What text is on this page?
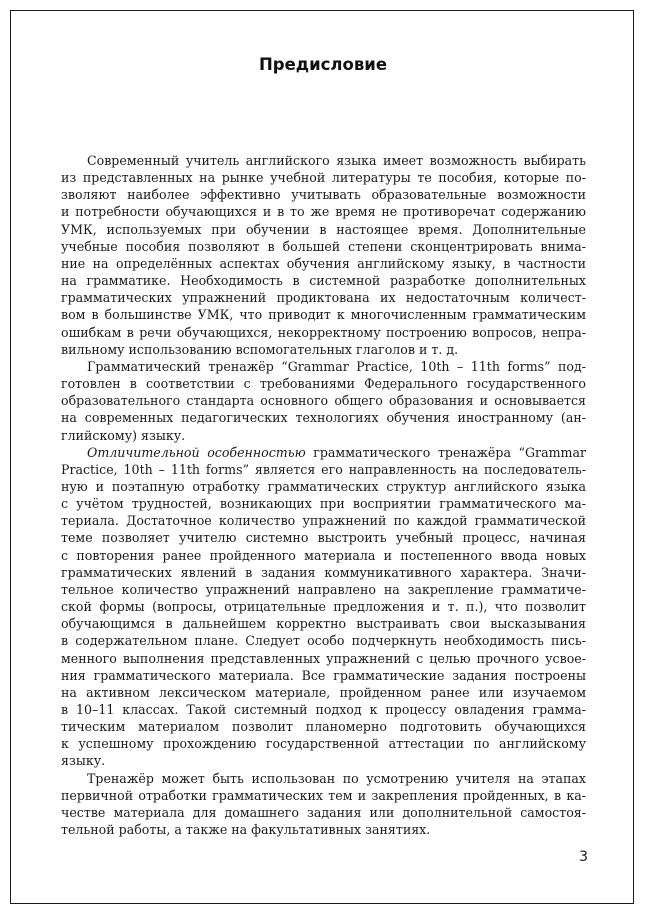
Предисловие

Современный учитель английского языка имеет возможность выбирать
из представленных на рынке учебной литературы те пособия, которые по-
зволяют наиболее эффективно учитывать образовательные возможности
и потребности обучающихся и в то же время не противоречат содержанию
УМК, используемых при обучении в настоящее время. Дополнительные
учебные пособия позволяют в большей степени сконцентрировать внима-
ние на определённых аспектах обучения английскому языку, в частности
на грамматике. Необходимость в системной разработке дополнительных
грамматических упражнений продиктована их недостаточным количест-
вом в большинстве УМК, что приводит к многочисленным грамматическим
ошибкам в речи обучающихся, некорректному построению вопросов, непра-
вильному использованию вспомогательных глаголов и т. д.

Грамматический тренажёр “Grammar Practice, 10th – 11th forms” под-
готовлен в соответствии с требованиями Федерального государственного
образовательного стандарта основного общего образования и основывается
на современных педагогических технологиях обучения иностранному (ан-
глийскому) языку.

Отличительной особенностью грамматического тренажёра “Grammar
Practice, 10th – 11th forms” является его направленность на последователь-
ную и поэтапную отработку грамматических структур английского языка
с учётом трудностей, возникающих при восприятии грамматического ма-
териала. Достаточное количество упражнений по каждой грамматической
теме позволяет учителю системно выстроить учебный процесс, начиная
с повторения ранее пройденного материала и постепенного ввода новых
грамматических явлений в задания коммуникативного характера. Значи-
тельное количество упражнений направлено на закрепление грамматиче-
ской формы (вопросы, отрицательные предложения и т. п.), что позволит
обучающимся в дальнейшем корректно выстраивать свои высказывания
в содержательном плане. Следует особо подчеркнуть необходимость пись-
менного выполнения представленных упражнений с целью прочного усвое-
ния грамматического материала. Все грамматические задания построены
на активном лексическом материале, пройденном ранее или изучаемом
в 10–11 классах. Такой системный подход к процессу овладения грамма-
тическим материалом позволит планомерно подготовить обучающихся
к успешному прохождению государственной аттестации по английскому
языку.

Тренажёр может быть использован по усмотрению учителя на этапах
первичной отработки грамматических тем и закрепления пройденных, в ка-
честве материала для домашнего задания или дополнительной самостоя-
тельной работы, а также на факультативных занятиях.

3
